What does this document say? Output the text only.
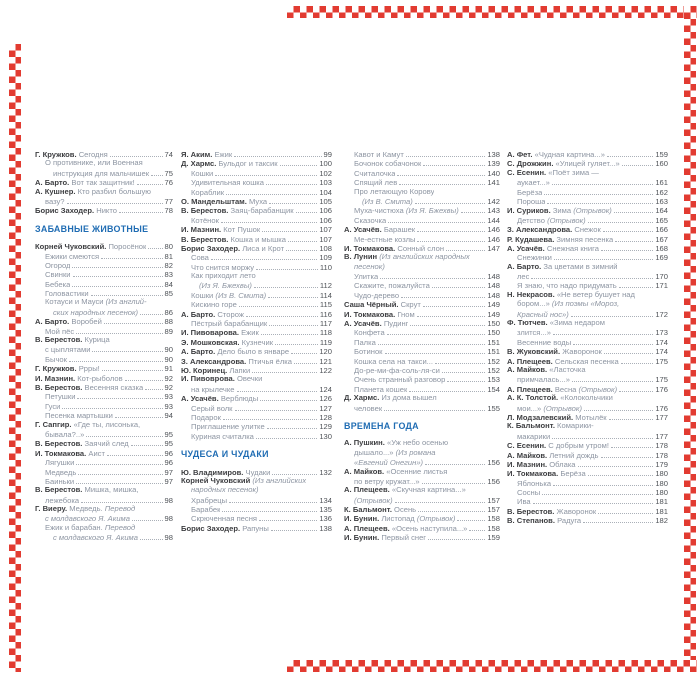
Г. Кружков. Сегодня	74
О противнике, или Военная
инструкция для мальчишек 75
А. Барто. Вот так защитник!	76
А. Кушнер. Кто разбил большую
вазу?	77
Борис Заходер. Никто	78
ЗАБАВНЫЕ ЖИВОТНЫЕ
Корней Чуковский. Поросёнок 80
Ежики смеются	81
Огород	82
Свинки	83
Бебека	84
Головастики	85
Котауси и Мауси (Из англий-
ских народных песенок)	86
А. Барто. Воробей	88
Мой пёс	89
В. Берестов. Курица
с цыплятами	90
Бычок	90
Г. Кружков. Ррры!	91
И. Мазнин. Кот-рыболов	92
В. Берестов. Весенняя сказка	92
Петушки	93
Гуси	93
Песенка мартышки	94
Г. Сапгир. «Где ты, лисонька,
бывала?..»	95
В. Берестов. Заячий след	95
И. Токмакова. Аист	96
Лягушки	96
Медведь	97
Баиньки	97
В. Берестов. Мишка, мишка,
лежебока	98
Г. Виеру. Медведь. Перевод
с молдавского Я. Акима	98
Ежик и барабан. Перевод
с молдавского Я. Акима	98
Я. Аким. Ежик	99
Д. Хармс. Бульдог и таксик	100
Кошки	102
Удивительная кошка	103
Кораблик	104
О. Мандельштам. Муха	105
В. Берестов. Заяц-барабанщик	106
Котёнок	106
И. Мазнин. Кот Пушок	107
В. Берестов. Кошка и мышка	107
Борис Заходер. Лиса и Крот	108
Сова	109
Что снится моржу	110
Как приходит лето
(Из Я. Бжехвы)	112
Кошки (Из В. Смита)	114
Кискино горе	115
А. Барто. Сторож	116
Пёстрый барабанщик	117
И. Пивоварова. Ежик	118
Э. Мошковская. Кузнечик	119
А. Барто. Дело было в январе	120
З. Александрова. Птичья ёлка	121
Ю. Коринец. Лапки	122
И. Пивоврова. Овечки
на крылечке	124
А. Усачёв. Верблюды	126
Серый волк	127
Подарок	128
Приглашение улитке	129
Куриная считалка	130
ЧУДЕСА И ЧУДАКИ
Ю. Владимиров. Чудаки	132
Корней Чуковский (Из английских
народных песенок)
Храбрецы	134
Барабек	135
Скрюченная песня	136
Борис Заходер. Рапуны	138
Кавот и Камут	138
Бочонок собачонок	139
Считалочка	140
Спящий лев	141
Про летающую Корову
(Из В. Смита)	142
Муха-чистюха (Из Я. Бжехвы)	143
Сказочка	144
А. Усачёв. Барашек	146
Ме-естные козлы	146
И. Токмакова. Сонный слон	147
В. Лунин (Из английских народных
песенок)
Улитка	148
Скажите, пожалуйста	148
Чудо-дерево	148
Саша Чёрный. Скрут	149
И. Токмакова. Гном	149
А. Усачёв. Пудинг	150
Конфета	150
Палка	151
Ботинок	151
Кошка села на такси...	152
До-ре-ми-фа-соль-ля-си	152
Очень странный разговор	153
Планета кошек	154
Д. Хармс. Из дома вышел
человек	155
ВРЕМЕНА ГОДА
А. Пушкин. «Уж небо осенью
дышало...» (Из романа
«Евгений Онегин»)	156
А. Майков. «Осенние листья
по ветру кружат...»	156
А. Плещеев. «Скучная картина...»
(Отрывок)	157
К. Бальмонт. Осень	157
И. Бунин. Листопад (Отрывок)	158
А. Плещеев. «Осень наступила...»	158
И. Бунин. Первый снег	159
А. Фет. «Чудная картина...»	159
С. Дрожжин. «Улицей гуляет...»	160
С. Есенин. «Поёт зима —
аукает...»	161
Берёза	162
Пороша	163
И. Суриков. Зима (Отрывок)	164
Детство (Отрывок)	165
З. Александрова. Снежок	166
Р. Кудашева. Зимняя песенка	167
А. Усачёв. Снежная книга	168
Снежинки	169
А. Барто. За цветами в зимний
лес	170
Я знаю, что надо придумать	171
Н. Некрасов. «Не ветер бушует над
бором...» (Из поэмы «Мороз,
Красный нос»)	172
Ф. Тютчев. «Зима недаром
злится...»	173
Весенние воды	174
В. Жуковский. Жаворонок	174
А. Плещеев. Сельская песенка	175
А. Майков. «Ласточка
примчалась...»	175
А. Плещеев. Весна (Отрывок)	176
А. К. Толстой. «Колокольчики
мои...» (Отрывок)	176
Л. Модзалевский. Мотылёк	177
К. Бальмонт. Комарики-
макарики	177
С. Есенин. С добрым утром!	178
А. Майков. Летний дождь	178
И. Мазнин. Облака	179
И. Токмакова. Берёза	180
Яблонька	180
Сосны	180
Ива	181
В. Берестов. Жаворонок	181
В. Степанов. Радуга	182
